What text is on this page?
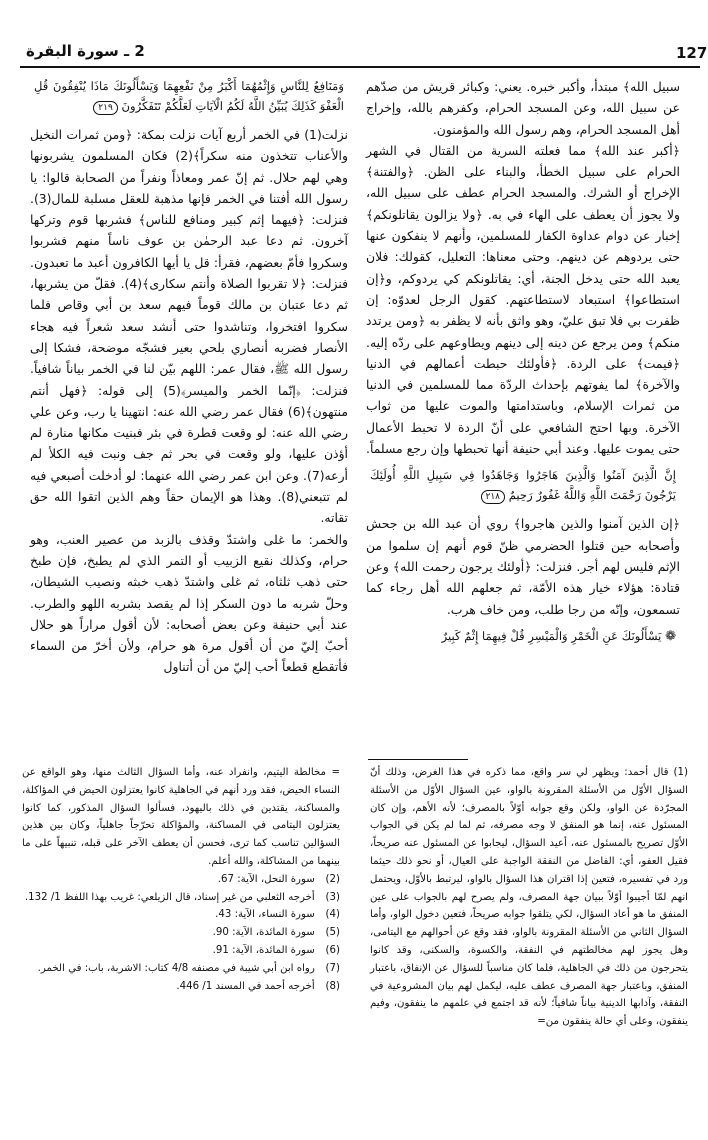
127
2 ـ سورة البقرة

سبيل الله﴾ مبتدأ، وأكبر خبره. يعني: وكبائر قريش من صدّهم عن سبيل الله، وعن المسجد الحرام، وكفرهم بالله، وإخراج أهل المسجد الحرام، وهم رسول الله والمؤمنون.

﴿أكبر عند الله﴾ مما فعلته السرية من القتال في الشهر الحرام على سبيل الخطأ، والبناء على الظن. ﴿والفتنة﴾ الإخراج أو الشرك. والمسجد الحرام عطف على سبيل الله، ولا يجوز أن يعطف على الهاء في به. ﴿ولا يزالون يقاتلونكم﴾ إخبار عن دوام عداوة الكفار للمسلمين، وأنهم لا ينفكون عنها حتى يردوهم عن دينهم. وحتى معناها: التعليل، كقولك: فلان يعبد الله حتى يدخل الجنة، أي: يقاتلونكم كي يردوكم، و﴿إن استطاعوا﴾ استبعاد لاستطاعتهم. كقول الرجل لعدوّه: إن ظفرت بي فلا تبق عليّ، وهو واثق بأنه لا يظفر به ﴿ومن يرتدد منكم﴾ ومن يرجع عن دينه إلى دينهم ويطاوعهم على ردّه إليه. ﴿فيمت﴾ على الردة. ﴿فأولئك حبطت أعمالهم في الدنيا والآخرة﴾ لما يفوتهم بإحداث الردّة مما للمسلمين في الدنيا من ثمرات الإسلام، وباستدامتها والموت عليها من ثواب الآخرة. وبها احتج الشافعي على أنّ الردة لا تحبط الأعمال حتى يموت عليها. وعند أبي حنيفة أنها تحبطها وإن رجع مسلماً.

إِنَّ الَّذِينَ آمَنُوا وَالَّذِينَ هَاجَرُوا وَجَاهَدُوا فِي سَبِيلِ اللَّهِ أُولَئِكَ يَرْجُونَ رَحْمَتَ اللَّهِ وَاللَّهُ غَفُورٌ رَحِيمٌ ٢١٨

﴿إن الذين آمنوا والذين هاجروا﴾ روي أن عبد الله بن جحش وأصحابه حين قتلوا الحضرمي ظنّ قوم أنهم إن سلموا من الإثم فليس لهم أجر. فنزلت: ﴿أولئك يرجون رحمت الله﴾ وعن قتادة: هؤلاء خيار هذه الأمّة، ثم جعلهم الله أهل رجاء كما تسمعون، وإنّه من رجا طلب، ومن خاف هرب.

❁ يَسْأَلُونَكَ عَنِ الْخَمْرِ وَالْمَيْسِرِ قُلْ فِيهِمَا إِثْمٌ كَبِيرٌ

وَمَنَافِعُ لِلنَّاسِ وَإِثْمُهُمَا أَكْبَرُ مِنْ نَفْعِهِمَا وَيَسْأَلُونَكَ مَاذَا يُنْفِقُونَ قُلِ الْعَفْوَ كَذَلِكَ يُبَيِّنُ اللَّهُ لَكُمُ الْآيَاتِ لَعَلَّكُمْ تَتَفَكَّرُونَ ٢١٩

نزلت(1) في الخمر أربع آيات نزلت بمكة: ﴿ومن ثمرات النخيل والأعناب تتخذون منه سكراً﴾(2) فكان المسلمون يشربونها وهي لهم حلال. ثم إنّ عمر ومعاذاً ونفراً من الصحابة قالوا: يا رسول الله أفتنا في الخمر فإنها مذهبة للعقل مسلبة للمال(3). فنزلت: ﴿فيهما إثم كبير ومنافع للناس﴾ فشربها قوم وتركها آخرون. ثم دعا عبد الرحمٰن بن عوف ناساً منهم فشربوا وسكروا فأمّ بعضهم، فقرأ: قل يا أيها الكافرون أعبد ما تعبدون. فنزلت: ﴿لا تقربوا الصلاة وأنتم سكارى﴾(4). فقلّ من يشربها، ثم دعا عتبان بن مالك قوماً فيهم سعد بن أبي وقاص فلما سكروا افتخروا، وتناشدوا حتى أنشد سعد شعراً فيه هجاء الأنصار فضربه أنصاري بلحي بعير فشجّه موضحة، فشكا إلى رسول الله ﷺ، فقال عمر: اللهم بيّن لنا في الخمر بياناً شافياً. فنزلت: ﴿إنّما الخمر والميسر﴾(5) إلى قوله: ﴿فهل أنتم منتهون﴾(6) فقال عمر رضي الله عنه: انتهينا يا رب، وعن علي رضي الله عنه: لو وقعت قطرة في بئر فبنيت مكانها منارة لم أؤذن عليها، ولو وقعت في بحر ثم جف ونبت فيه الكلأ لم أرعه(7). وعن ابن عمر رضي الله عنهما: لو أدخلت أصبعي فيه لم تتبعني(8). وهذا هو الإيمان حقاً وهم الذين اتقوا الله حق تقاته.

والخمر: ما غلى واشتدّ وقذف بالزبد من عصير العنب، وهو حرام، وكذلك نقيع الزبيب أو التمر الذي لم يطبخ، فإن طبخ حتى ذهب ثلثاه، ثم غلى واشتدّ ذهب خبثه ونصيب الشيطان، وحلّ شربه ما دون السكر إذا لم يقصد بشربه اللهو والطرب. عند أبي حنيفة وعن بعض أصحابه: لأن أقول مراراً هو حلال أحبّ إليّ من أن أقول مرة هو حرام، ولأن أخرّ من السماء فأتقطع قطعاً أحب إليّ من أن أتناول

(1) قال أحمد: ويظهر لي سر واقع، مما ذكره في هذا الغرض، وذلك أنّ السؤال الأوّل من الأسئلة المقرونة بالواو، عين السؤال الأوّل من الأسئلة المجرّدة عن الواو، ولكن وقع جوابه أوّلاً بالمصرف؛ لأنه الأهم، وإن كان المسئول عنه، إنما هو المنفق لا وجه مصرفه، ثم لما لم يكن في الجواب الأوّل تصريح بالمسئول عنه، أعيد السؤال، ليجابوا عن المسئول عنه صريحاً، فقيل العفو، أي: الفاضل من النفقة الواجبة على العيال، أو نحو ذلك حيثما ورد في تفسيره، فتعين إذا اقتران هذا السؤال بالواو، ليرتبط بالأوّل، ويحتمل انهم لمّا أجيبوا أوّلاً ببيان جهة المصرف، ولم يصرح لهم بالجواب على عين المنفق ما هو أعاد السؤال، لكي يتلقوا جوابه صريحاً، فتعين دخول الواو، وأما السؤال الثاني من الأسئلة المقرونة بالواو، فقد وقع عن أحوالهم مع اليتامى، وهل يجوز لهم مخالطتهم في النفقة، والكسوة، والسكنى، وقد كانوا يتحرجون من ذلك في الجاهلية، فلما كان مناسباً للسؤال عن الإنفاق، باعتبار المنفق، وباعتبار جهة المصرف عطف عليه، ليكمل لهم بيان المشروعية في النفقة، وآدابها الدينية بياناً شافياً؛ لأنه قد اجتمع في علمهم ما ينفقون، وفيم ينفقون، وعلى أي حالة ينفقون من=

= مخالطة اليتيم، وانفراد عنه، وأما السؤال الثالث منها، وهو الواقع عن النساء الحيض، فقد ورد أنهم في الجاهلية كانوا يعتزلون الحيض في المؤاكلة، والمساكنة، يقتدين في ذلك باليهود، فسألوا السؤال المذكور، كما كانوا يعتزلون اليتامى في المساكنة، والمؤاكلة تحرّجاً جاهلياً، وكان بين هذين السؤالين تناسب كما ترى، فحسن أن يعطف الآخر على قبله، تنبيهاً على ما بينهما من المشاكلة، والله أعلم.

(2) سورة النحل، الآية: 67.

(3) أخرجه الثعلبي من غير إسناد، قال الزيلعي: غريب بهذا اللفظ 1/ 132.

(4) سورة النساء، الآية: 43.

(5) سورة المائدة، الآية: 90.

(6) سورة المائدة، الآية: 91.

(7) رواه ابن أبي شيبة في مصنفه 4/8 كتاب: الاشربة، باب: في الخمر.

(8) أخرجه أحمد في المسند 1/ 446.
